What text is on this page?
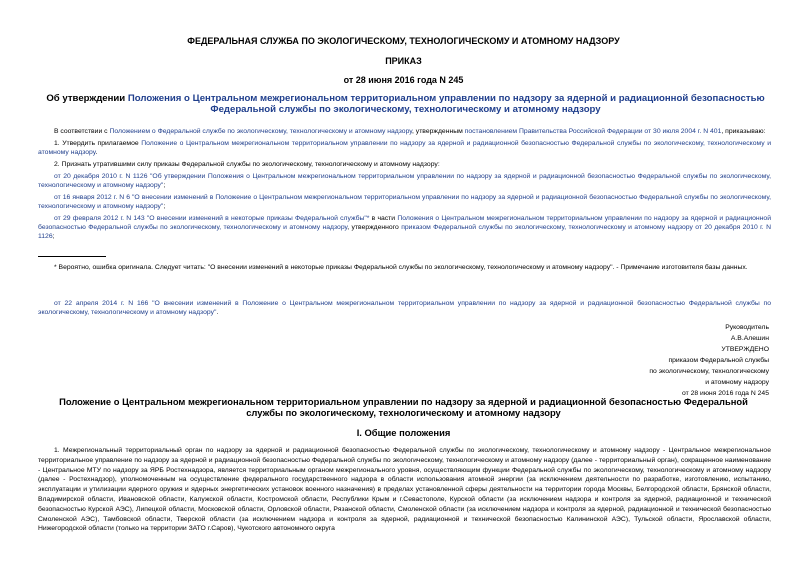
ФЕДЕРАЛЬНАЯ СЛУЖБА ПО ЭКОЛОГИЧЕСКОМУ, ТЕХНОЛОГИЧЕСКОМУ И АТОМНОМУ НАДЗОРУ
ПРИКАЗ
от 28 июня 2016 года N 245
Об утверждении Положения о Центральном межрегиональном территориальном управлении по надзору за ядерной и радиационной безопасностью Федеральной службы по экологическому, технологическому и атомному надзору

В соответствии с Положением о Федеральной службе по экологическому, технологическому и атомному надзору, утвержденным постановлением Правительства Российской Федерации от 30 июля 2004 г. N 401, приказываю:

1. Утвердить прилагаемое Положение о Центральном межрегиональном территориальном управлении по надзору за ядерной и радиационной безопасностью Федеральной службы по экологическому, технологическому и атомному надзору.

2. Признать утратившими силу приказы Федеральной службы по экологическому, технологическому и атомному надзору:

от 20 декабря 2010 г. N 1126 "Об утверждении Положения о Центральном межрегиональном территориальном управлении по надзору за ядерной и радиационной безопасностью Федеральной службы по экологическому, технологическому и атомному надзору";

от 16 января 2012 г. N 6 "О внесении изменений в Положение о Центральном межрегиональном территориальном управлении по надзору за ядерной и радиационной безопасностью Федеральной службы по экологическому, технологическому и атомному надзору";

от 29 февраля 2012 г. N 143 "О внесении изменений в некоторые приказы Федеральной службы"* в части Положения о Центральном межрегиональном территориальном управлении по надзору за ядерной и радиационной безопасностью Федеральной службы по экологическому, технологическому и атомному надзору, утвержденного приказом Федеральной службы по экологическому, технологическому и атомному надзору от 20 декабря 2010 г. N 1126;

* Вероятно, ошибка оригинала. Следует читать: "О внесении изменений в некоторые приказы Федеральной службы по экологическому, технологическому и атомному надзору". - Примечание изготовителя базы данных.
от 22 апреля 2014 г. N 166 "О внесении изменений в Положение о Центральном межрегиональном территориальном управлении по надзору за ядерной и радиационной безопасностью Федеральной службы по экологическому, технологическому и атомному надзору".
Руководитель
А.В.Алешин
УТВЕРЖДЕНО
приказом Федеральной службы
по экологическому, технологическому
и атомному надзору
от 28 июня 2016 года N 245
Положение о Центральном межрегиональном территориальном управлении по надзору за ядерной и радиационной безопасностью Федеральной службы по экологическому, технологическому и атомному надзору
I. Общие положения
1. Межрегиональный территориальный орган по надзору за ядерной и радиационной безопасностью Федеральной службы по экологическому, технологическому и атомному надзору - Центральное межрегиональное территориальное управление по надзору за ядерной и радиационной безопасностью Федеральной службы по экологическому, технологическому и атомному надзору (далее - территориальный орган), сокращенное наименование - Центральное МТУ по надзору за ЯРБ Ростехнадзора, является территориальным органом межрегионального уровня, осуществляющим функции Федеральной службы по экологическому, технологическому и атомному надзору (далее - Ростехнадзор), уполномоченным на осуществление федерального государственного надзора в области использования атомной энергии (за исключением деятельности по разработке, изготовлению, испытанию, эксплуатации и утилизации ядерного оружия и ядерных энергетических установок военного назначения) в пределах установленной сферы деятельности на территории города Москвы, Белгородской области, Брянской области, Владимирской области, Ивановской области, Калужской области, Костромской области, Республики Крым и г.Севастополе, Курской области (за исключением надзора и контроля за ядерной, радиационной и технической безопасностью Курской АЭС), Липецкой области, Московской области, Орловской области, Рязанской области, Смоленской области (за исключением надзора и контроля за ядерной, радиационной и технической безопасностью Смоленской АЭС), Тамбовской области, Тверской области (за исключением надзора и контроля за ядерной, радиационной и технической безопасностью Калининской АЭС), Тульской области, Ярославской области, Нижегородской области (только на территории ЗАТО г.Саров), Чукотского автономного округа
